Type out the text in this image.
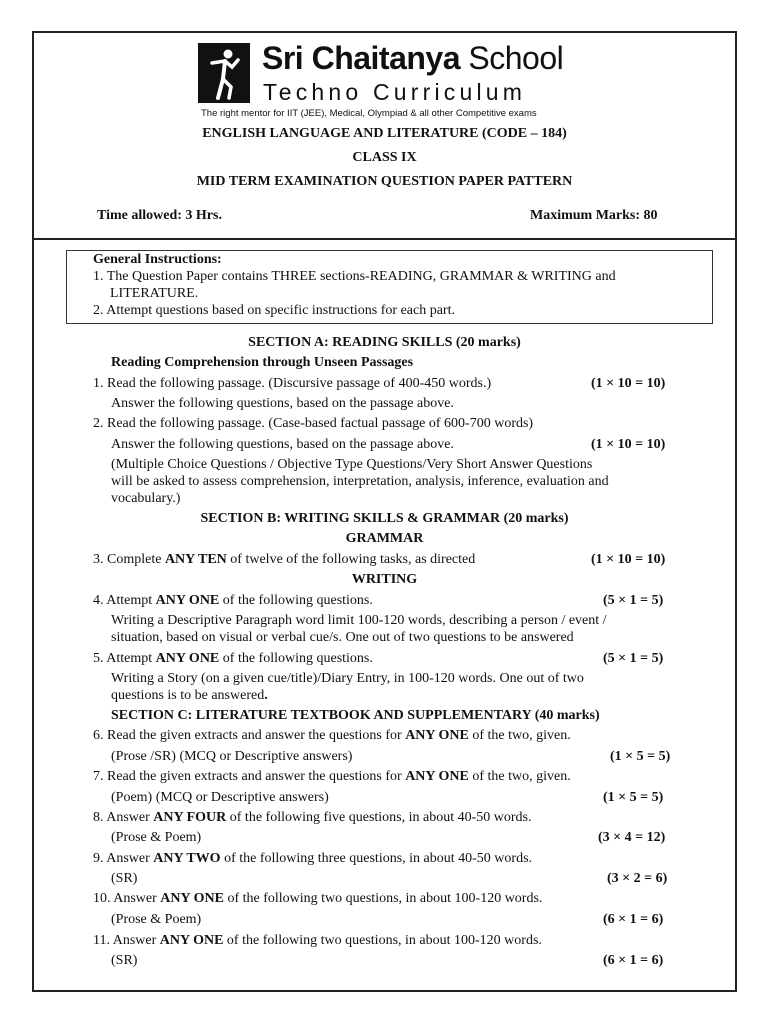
Sri Chaitanya School
Techno Curriculum
The right mentor for IIT (JEE), Medical, Olympiad & all other Competitive exams
ENGLISH LANGUAGE AND LITERATURE (CODE – 184)
CLASS IX
MID TERM EXAMINATION QUESTION PAPER PATTERN
Time allowed: 3 Hrs.	Maximum Marks: 80
General Instructions:
1. The Question Paper contains THREE sections-READING, GRAMMAR & WRITING and
LITERATURE.
2. Attempt questions based on specific instructions for each part.
SECTION A: READING SKILLS (20 marks)
Reading Comprehension through Unseen Passages
1. Read the following passage. (Discursive passage of 400-450 words.)	(1 × 10 = 10)
Answer the following questions, based on the passage above.
2. Read the following passage. (Case-based factual passage of 600-700 words)
Answer the following questions, based on the passage above.	(1 × 10 = 10)
(Multiple Choice Questions / Objective Type Questions/Very Short Answer Questions
will be asked to assess comprehension, interpretation, analysis, inference, evaluation and
vocabulary.)
SECTION B: WRITING SKILLS & GRAMMAR (20 marks)
GRAMMAR
3. Complete ANY TEN of twelve of the following tasks, as directed	(1 × 10 = 10)
WRITING
4. Attempt ANY ONE of the following questions.	(5 × 1 = 5)
Writing a Descriptive Paragraph word limit 100-120 words, describing a person / event /
situation, based on visual or verbal cue/s. One out of two questions to be answered
5. Attempt ANY ONE of the following questions.	(5 × 1 = 5)
Writing a Story (on a given cue/title)/Diary Entry, in 100-120 words. One out of two
questions is to be answered.
SECTION C: LITERATURE TEXTBOOK AND SUPPLEMENTARY (40 marks)
6. Read the given extracts and answer the questions for ANY ONE of the two, given.
(Prose /SR) (MCQ or Descriptive answers)	(1 × 5 = 5)
7. Read the given extracts and answer the questions for ANY ONE of the two, given.
(Poem) (MCQ or Descriptive answers)	(1 × 5 = 5)
8. Answer ANY FOUR of the following five questions, in about 40-50 words.
(Prose & Poem)	(3 × 4 = 12)
9. Answer ANY TWO of the following three questions, in about 40-50 words.
(SR)	(3 × 2 = 6)
10. Answer ANY ONE of the following two questions, in about 100-120 words.
(Prose & Poem)	(6 × 1 = 6)
11. Answer ANY ONE of the following two questions, in about 100-120 words.
(SR)	(6 × 1 = 6)
